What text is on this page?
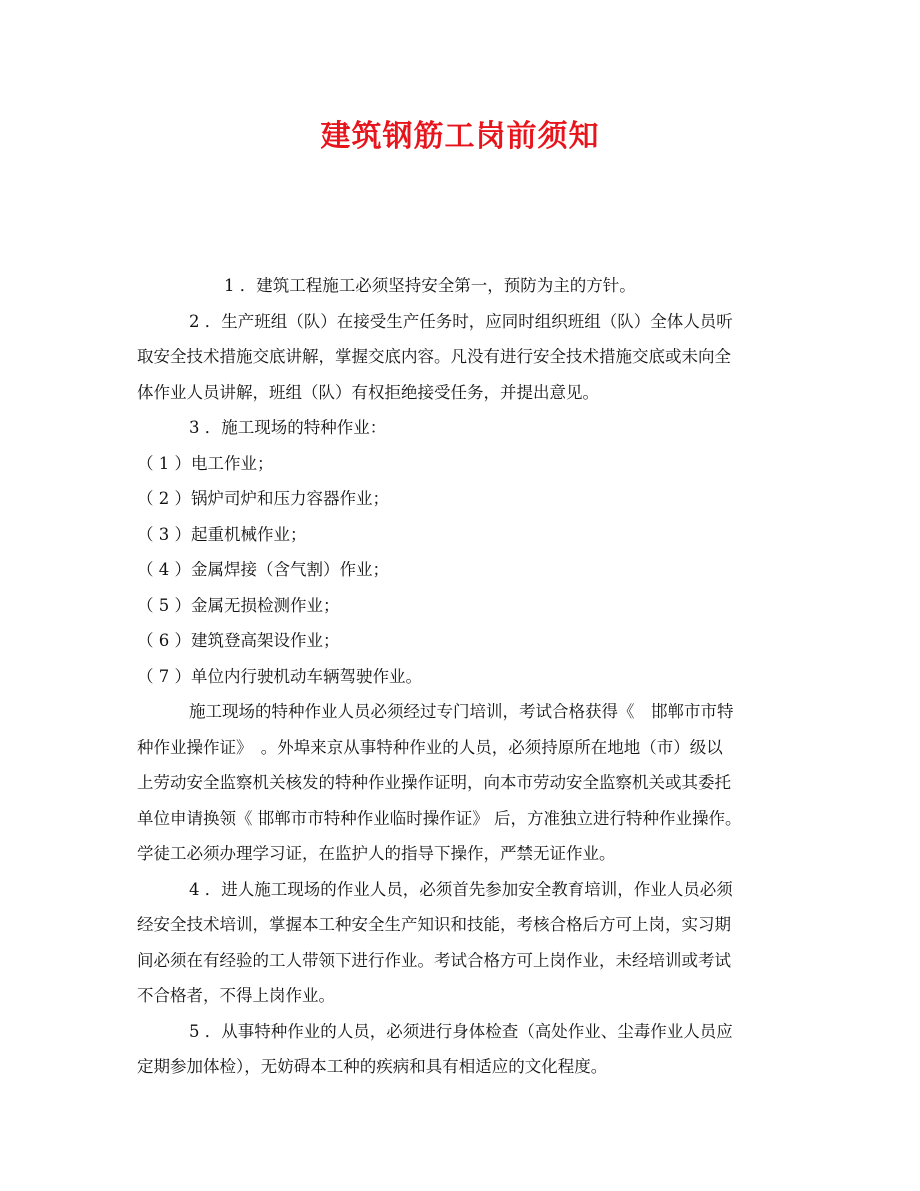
建筑钢筋工岗前须知

1 ．建筑工程施工必须坚持安全第一，预防为主的方针。

2 ．生产班组（队）在接受生产任务时，应同时组织班组（队）全体人员听

取安全技术措施交底讲解，掌握交底内容。凡没有进行安全技术措施交底或未向全

体作业人员讲解，班组（队）有权拒绝接受任务，并提出意见。

3 ．施工现场的特种作业：

（ 1 ）电工作业；

（ 2 ）锅炉司炉和压力容器作业；

（ 3 ）起重机械作业；

（ 4 ）金属焊接（含气割）作业；

（ 5 ）金属无损检测作业；

（ 6 ）建筑登高架设作业；

（ 7 ）单位内行驶机动车辆驾驶作业。

施工现场的特种作业人员必须经过专门培训，考试合格获得《　邯郸市市特

种作业操作证》　。外埠来京从事特种作业的人员，必须持原所在地地（市）级以

上劳动安全监察机关核发的特种作业操作证明，向本市劳动安全监察机关或其委托

单位申请换领《 邯郸市市特种作业临时操作证》 后，方准独立进行特种作业操作。

学徒工必须办理学习证，在监护人的指导下操作，严禁无证作业。

4 ．进人施工现场的作业人员，必须首先参加安全教育培训，作业人员必须

经安全技术培训，掌握本工种安全生产知识和技能，考核合格后方可上岗，实习期

间必须在有经验的工人带领下进行作业。考试合格方可上岗作业，未经培训或考试

不合格者，不得上岗作业。

5 ．从事特种作业的人员，必须进行身体检查（高处作业、尘毒作业人员应

定期参加体检），无妨碍本工种的疾病和具有相适应的文化程度。
